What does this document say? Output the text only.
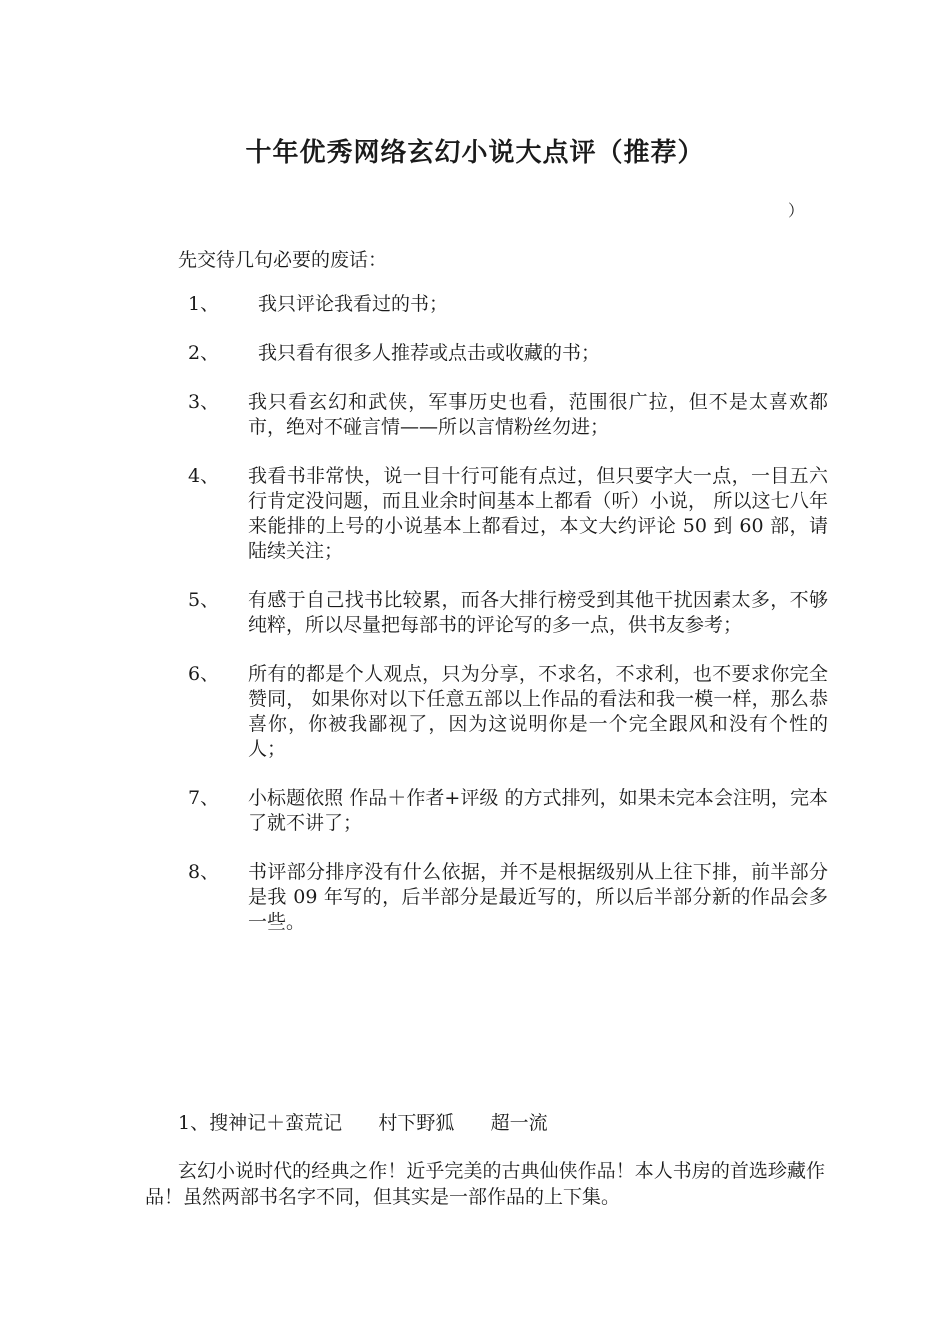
十年优秀网络玄幻小说大点评（推荐）
）
先交待几句必要的废话：
1、	我只评论我看过的书；
2、	我只看有很多人推荐或点击或收藏的书；
3、	我只看玄幻和武侠，军事历史也看，范围很广拉，但不是太喜欢都市，绝对不碰言情——所以言情粉丝勿进；
4、	我看书非常快，说一目十行可能有点过，但只要字大一点，一目五六行肯定没问题，而且业余时间基本上都看（听）小说， 所以这七八年来能排的上号的小说基本上都看过，本文大约评论 50 到 60 部，请陆续关注；
5、	有感于自己找书比较累，而各大排行榜受到其他干扰因素太多，不够纯粹，所以尽量把每部书的评论写的多一点，供书友参考；
6、	所有的都是个人观点，只为分享，不求名，不求利，也不要求你完全赞同， 如果你对以下任意五部以上作品的看法和我一模一样，那么恭喜你，你被我鄙视了，因为这说明你是一个完全跟风和没有个性的人；
7、	小标题依照 作品＋作者+评级 的方式排列，如果未完本会注明，完本了就不讲了；
8、	书评部分排序没有什么依据，并不是根据级别从上往下排，前半部分是我 09 年写的，后半部分是最近写的，所以后半部分新的作品会多一些。
1、搜神记＋蛮荒记      村下野狐      超一流
玄幻小说时代的经典之作！近乎完美的古典仙侠作品！本人书房的首选珍藏作品！虽然两部书名字不同，但其实是一部作品的上下集。
